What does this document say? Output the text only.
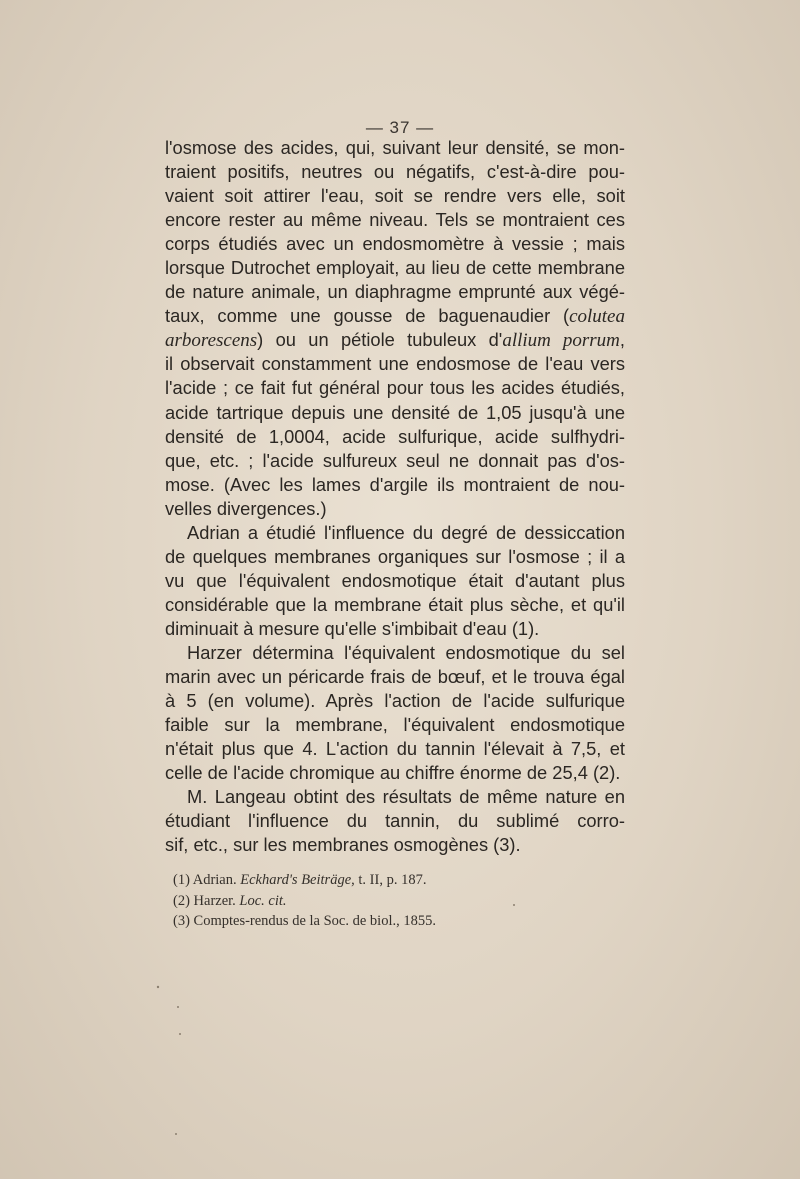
— 37 —
l'osmose des acides, qui, suivant leur densité, se mon-
traient positifs, neutres ou négatifs, c'est-à-dire pou-
vaient soit attirer l'eau, soit se rendre vers elle, soit
encore rester au même niveau. Tels se montraient ces
corps étudiés avec un endosmomètre à vessie ; mais
lorsque Dutrochet employait, au lieu de cette membrane
de nature animale, un diaphragme emprunté aux végé-
taux, comme une gousse de baguenaudier (colutea
arborescens) ou un pétiole tubuleux d'allium porrum,
il observait constamment une endosmose de l'eau vers
l'acide ; ce fait fut général pour tous les acides étudiés,
acide tartrique depuis une densité de 1,05 jusqu'à une
densité de 1,0004, acide sulfurique, acide sulfhydri-
que, etc. ; l'acide sulfureux seul ne donnait pas d'os-
mose. (Avec les lames d'argile ils montraient de nou-
velles divergences.)
Adrian a étudié l'influence du degré de dessiccation
de quelques membranes organiques sur l'osmose ; il a
vu que l'équivalent endosmotique était d'autant plus
considérable que la membrane était plus sèche, et qu'il
diminuait à mesure qu'elle s'imbibait d'eau (1).
Harzer détermina l'équivalent endosmotique du sel
marin avec un péricarde frais de bœuf, et le trouva égal
à 5 (en volume). Après l'action de l'acide sulfurique
faible sur la membrane, l'équivalent endosmotique
n'était plus que 4. L'action du tannin l'élevait à 7,5, et
celle de l'acide chromique au chiffre énorme de 25,4 (2).
M. Langeau obtint des résultats de même nature en
étudiant l'influence du tannin, du sublimé corro-
sif, etc., sur les membranes osmogènes (3).
(1) Adrian. Eckhard's Beiträge, t. II, p. 187.
(2) Harzer. Loc. cit.
(3) Comptes-rendus de la Soc. de biol., 1855.
